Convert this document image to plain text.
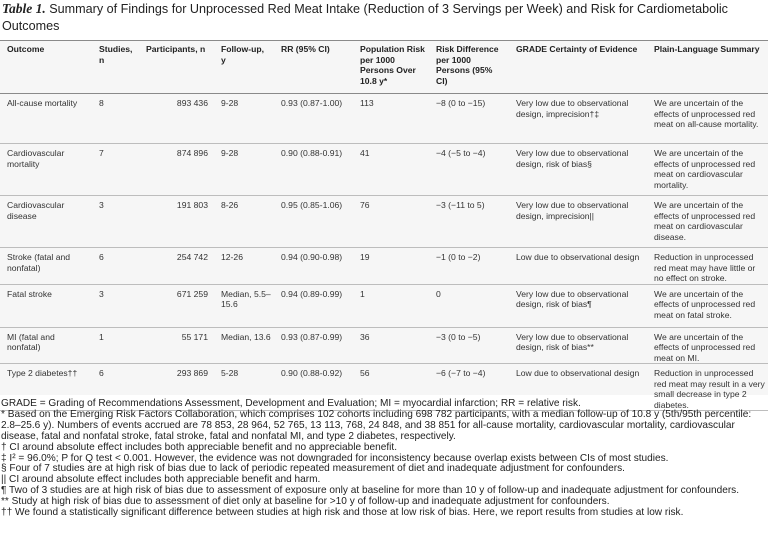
Table 1. Summary of Findings for Unprocessed Red Meat Intake (Reduction of 3 Servings per Week) and Risk for Cardiometabolic Outcomes
Outcome	Studies, n	Participants, n	Follow-up, y	RR (95% CI)	Population Risk per 1000 Persons Over 10.8 y*	Risk Difference per 1000 Persons (95% CI)	GRADE Certainty of Evidence	Plain-Language Summary
All-cause mortality	8	893 436	9-28	0.93 (0.87-1.00)	113	−8 (0 to −15)	Very low due to observational design, imprecision†‡	We are uncertain of the effects of unprocessed red meat on all-cause mortality.
Cardiovascular mortality	7	874 896	9-28	0.90 (0.88-0.91)	41	−4 (−5 to −4)	Very low due to observational design, risk of bias§	We are uncertain of the effects of unprocessed red meat on cardiovascular mortality.
Cardiovascular disease	3	191 803	8-26	0.95 (0.85-1.06)	76	−3 (−11 to 5)	Very low due to observational design, imprecision||	We are uncertain of the effects of unprocessed red meat on cardiovascular disease.
Stroke (fatal and nonfatal)	6	254 742	12-26	0.94 (0.90-0.98)	19	−1 (0 to −2)	Low due to observational design	Reduction in unprocessed red meat may have little or no effect on stroke.
Fatal stroke	3	671 259	Median, 5.5–15.6	0.94 (0.89-0.99)	1	0	Very low due to observational design, risk of bias¶	We are uncertain of the effects of unprocessed red meat on fatal stroke.
MI (fatal and nonfatal)	1	55 171	Median, 13.6	0.93 (0.87-0.99)	36	−3 (0 to −5)	Very low due to observational design, risk of bias**	We are uncertain of the effects of unprocessed red meat on MI.
Type 2 diabetes††	6	293 869	5-28	0.90 (0.88-0.92)	56	−6 (−7 to −4)	Low due to observational design	Reduction in unprocessed red meat may result in a very small decrease in type 2 diabetes.

GRADE = Grading of Recommendations Assessment, Development and Evaluation; MI = myocardial infarction; RR = relative risk.

* Based on the Emerging Risk Factors Collaboration, which comprises 102 cohorts including 698 782 participants, with a median follow-up of 10.8 y (5th/95th percentile: 2.8–25.6 y). Numbers of events accrued are 78 853, 28 964, 52 765, 13 113, 768, 24 848, and 38 851 for all-cause mortality, cardiovascular mortality, cardiovascular disease, fatal and nonfatal stroke, fatal stroke, fatal and nonfatal MI, and type 2 diabetes, respectively.

† CI around absolute effect includes both appreciable benefit and no appreciable benefit.

‡ I² = 96.0%; P for Q test < 0.001. However, the evidence was not downgraded for inconsistency because overlap exists between CIs of most studies.

§ Four of 7 studies are at high risk of bias due to lack of periodic repeated measurement of diet and inadequate adjustment for confounders.

|| CI around absolute effect includes both appreciable benefit and harm.

¶ Two of 3 studies are at high risk of bias due to assessment of exposure only at baseline for more than 10 y of follow-up and inadequate adjustment for confounders.

** Study at high risk of bias due to assessment of diet only at baseline for >10 y of follow-up and inadequate adjustment for confounders.

†† We found a statistically significant difference between studies at high risk and those at low risk of bias. Here, we report results from studies at low risk.
